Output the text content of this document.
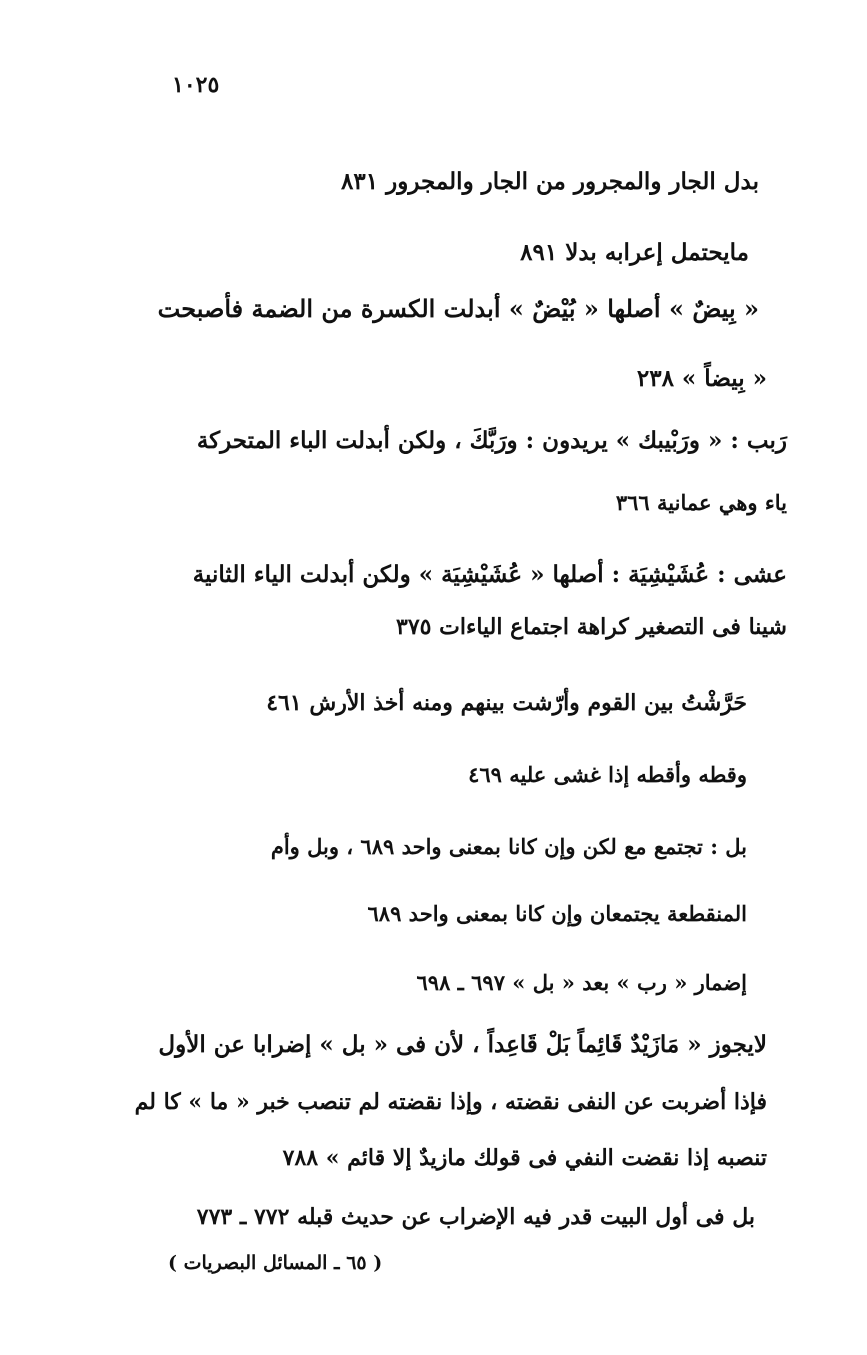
١٠٢٥
بدل الجار والمجرور من الجار والمجرور ٨٣١
مايحتمل إعرابه بدلا ٨٩١
« بِيضٌ » أصلها « بُيْضٌ » أبدلت الكسرة من الضمة فأصبحت
« بِيضاً » ٢٣٨
رَبب : « ورَبْيبك » يريدون : ورَبَّكَ ، ولكن أبدلت الباء المتحركة
ياء وهي عمانية ٣٦٦
عشى : عُشَيْشِيَة : أصلها « عُشَيْشِيَة » ولكن أبدلت الياء الثانية
شينا فى التصغير كراهة اجتماع الياءات ٣٧٥
حَرَّشْتُ بين القوم وأرّشت بينهم ومنه أخذ الأرش ٤٦١
وقطه وأقطه إذا غشى عليه ٤٦٩
بل : تجتمع مع لكن وإن كانا بمعنى واحد ٦٨٩ ، وبل وأم
المنقطعة يجتمعان وإن كانا بمعنى واحد ٦٨٩
إضمار « رب » بعد « بل » ٦٩٧ ـ ٦٩٨
لايجوز « مَازَيْدٌ قَائِماً بَلْ قَاعِداً ، لأن فى « بل » إضرابا عن الأول
فإذا أضربت عن النفى نقضته ، وإذا نقضته لم تنصب خبر « ما » كا لم
تنصبه إذا نقضت النفي فى قولك مازيدٌ إلا قائم » ٧٨٨
بل فى أول البيت قدر فيه الإضراب عن حديث قبله ٧٧٢ ـ ٧٧٣
( ٦٥ ـ المسائل البصريات )
